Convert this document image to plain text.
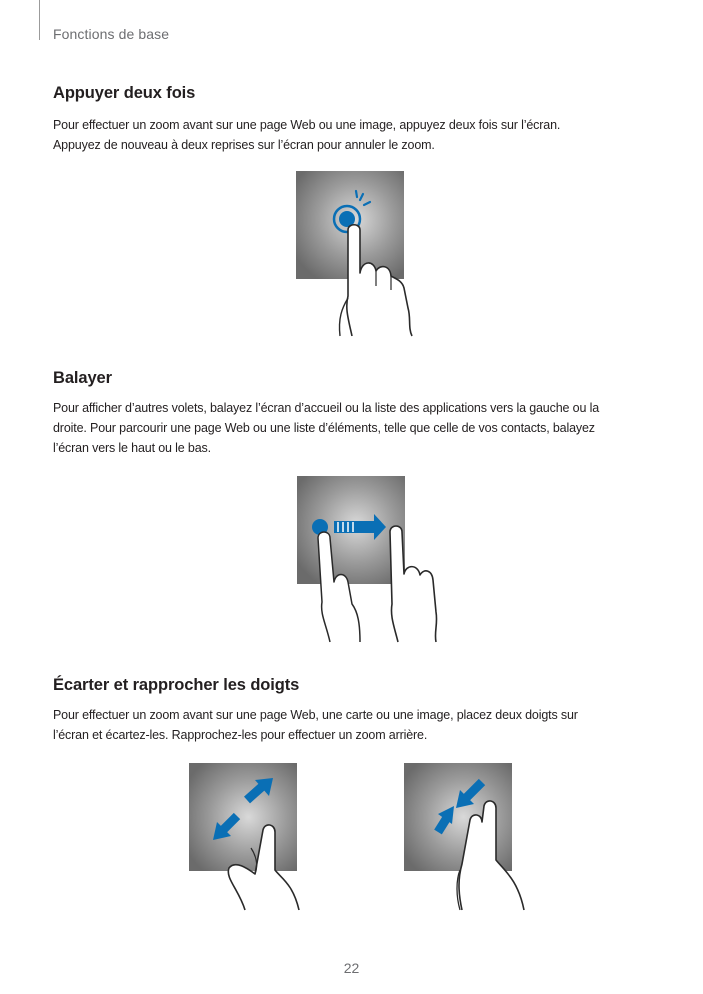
Fonctions de base
Appuyer deux fois

Pour effectuer un zoom avant sur une page Web ou une image, appuyez deux fois sur l’écran.
Appuyez de nouveau à deux reprises sur l’écran pour annuler le zoom.

Balayer

Pour afficher d’autres volets, balayez l’écran d’accueil ou la liste des applications vers la gauche ou la
droite. Pour parcourir une page Web ou une liste d’éléments, telle que celle de vos contacts, balayez
l’écran vers le haut ou le bas.

Écarter et rapprocher les doigts

Pour effectuer un zoom avant sur une page Web, une carte ou une image, placez deux doigts sur
l’écran et écartez-les. Rapprochez-les pour effectuer un zoom arrière.

22
